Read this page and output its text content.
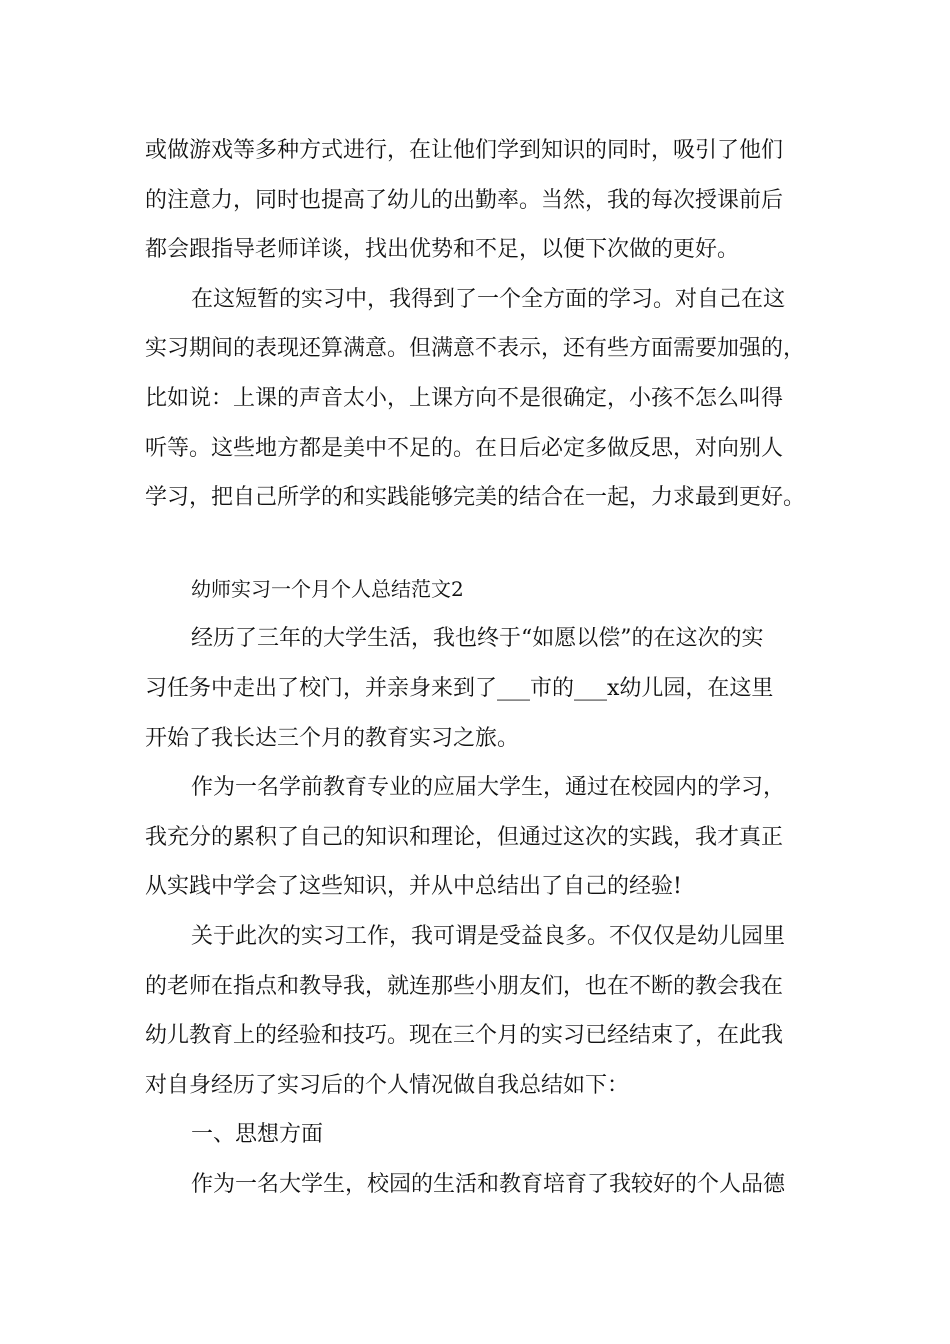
或做游戏等多种方式进行，在让他们学到知识的同时，吸引了他们

的注意力，同时也提高了幼儿的出勤率。当然，我的每次授课前后

都会跟指导老师详谈，找出优势和不足，以便下次做的更好。

在这短暂的实习中，我得到了一个全方面的学习。对自己在这

实习期间的表现还算满意。但满意不表示，还有些方面需要加强的，

比如说：上课的声音太小，上课方向不是很确定，小孩不怎么叫得

听等。这些地方都是美中不足的。在日后必定多做反思，对向别人

学习，把自己所学的和实践能够完美的结合在一起，力求最到更好。

幼师实习一个月个人总结范文2

经历了三年的大学生活，我也终于“如愿以偿”的在这次的实

习任务中走出了校门，并亲身来到了___市的___x幼儿园，在这里

开始了我长达三个月的教育实习之旅。

作为一名学前教育专业的应届大学生，通过在校园内的学习，

我充分的累积了自己的知识和理论，但通过这次的实践，我才真正

从实践中学会了这些知识，并从中总结出了自己的经验!

关于此次的实习工作，我可谓是受益良多。不仅仅是幼儿园里

的老师在指点和教导我，就连那些小朋友们，也在不断的教会我在

幼儿教育上的经验和技巧。现在三个月的实习已经结束了，在此我

对自身经历了实习后的个人情况做自我总结如下：

一、思想方面

作为一名大学生，校园的生活和教育培育了我较好的个人品德
